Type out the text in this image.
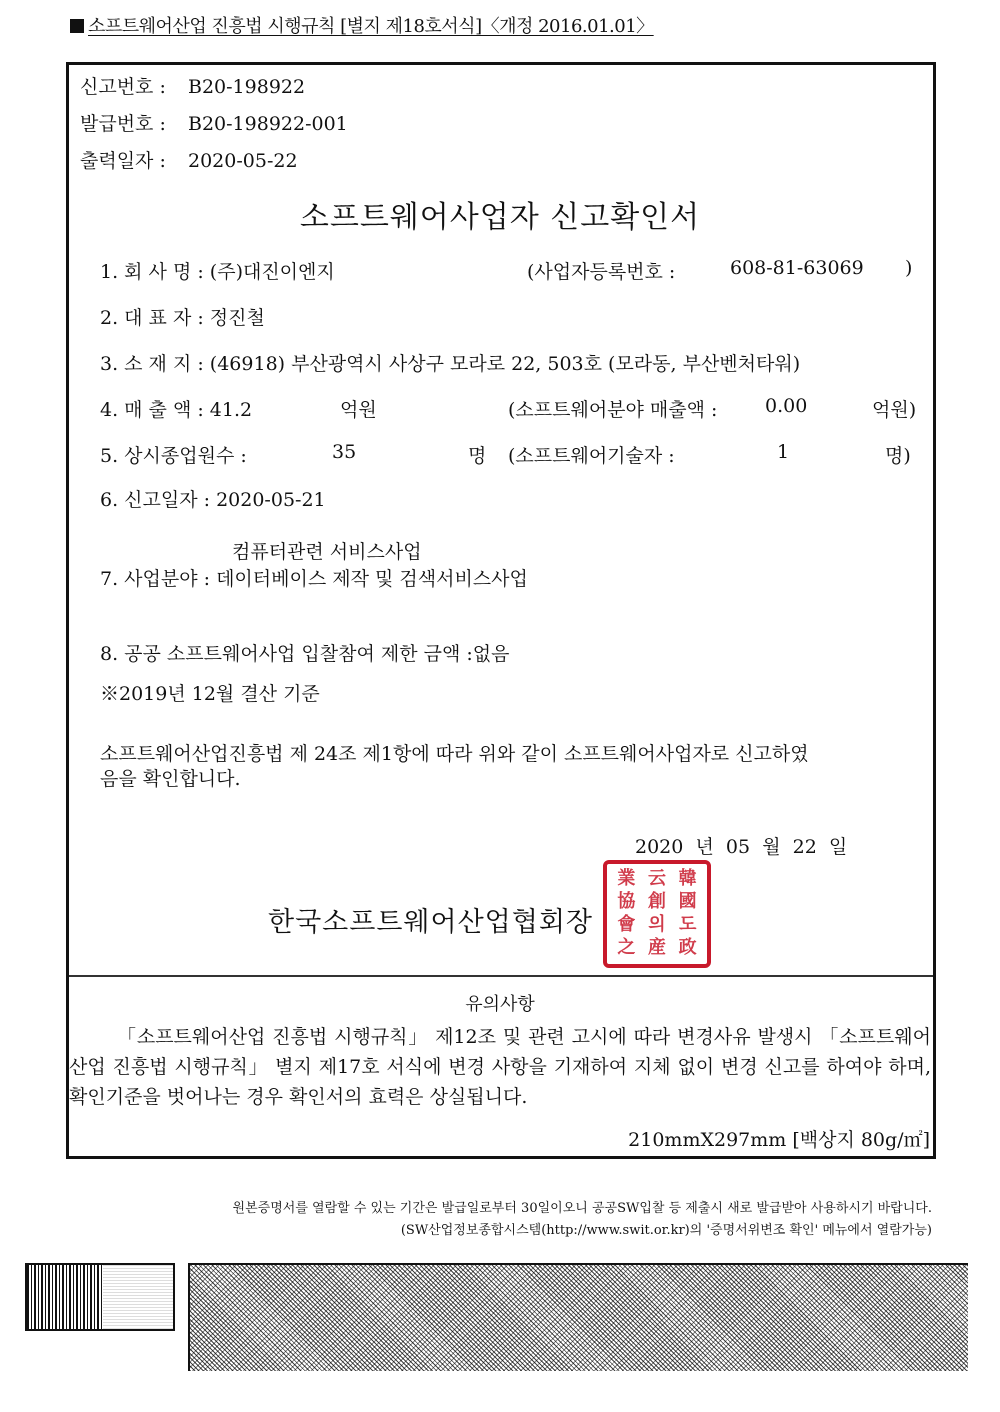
소프트웨어산업 진흥법 시행규칙 [별지 제18호서식]〈개정 2016.01.01〉
신고번호 : B20-198922
발급번호 : B20-198922-001
출력일자 : 2020-05-22
소프트웨어사업자 신고확인서
1. 회 사 명 : (주)대진이엔지	(사업자등록번호 :	608-81-63069 )
2. 대 표 자 : 정진철
3. 소 재 지 : (46918) 부산광역시 사상구 모라로 22, 503호 (모라동, 부산벤처타워)
4. 매 출 액 : 41.2	억원	(소프트웨어분야 매출액 :	0.00	억원)
5. 상시종업원수 :	35	명 (소프트웨어기술자 :	1	명)
6. 신고일자 : 2020-05-21
컴퓨터관련 서비스사업
7. 사업분야 : 데이터베이스 제작 및 검색서비스사업
8. 공공 소프트웨어사업 입찰참여 제한 금액 :없음
※2019년 12월 결산 기준
소프트웨어산업진흥법 제 24조 제1항에 따라 위와 같이 소프트웨어사업자로 신고하였
음을 확인합니다.
2020 년 05 월 22 일
한국소프트웨어산업협회장
業 云 韓
協 創 國
會 의 도
之 産 政
유의사항
「소프트웨어산업 진흥법 시행규칙」 제12조 및 관련 고시에 따라 변경사유 발생시 「소프트웨어산업 진흥법 시행규칙」 별지 제17호 서식에 변경 사항을 기재하여 지체 없이 변경 신고를 하여야 하며, 확인기준을 벗어나는 경우 확인서의 효력은 상실됩니다.
210mmX297mm [백상지 80g/㎡]
원본증명서를 열람할 수 있는 기간은 발급일로부터 30일이오니 공공SW입찰 등 제출시 새로 발급받아 사용하시기 바랍니다.
(SW산업정보종합시스템(http://www.swit.or.kr)의 '증명서위변조 확인' 메뉴에서 열람가능)
